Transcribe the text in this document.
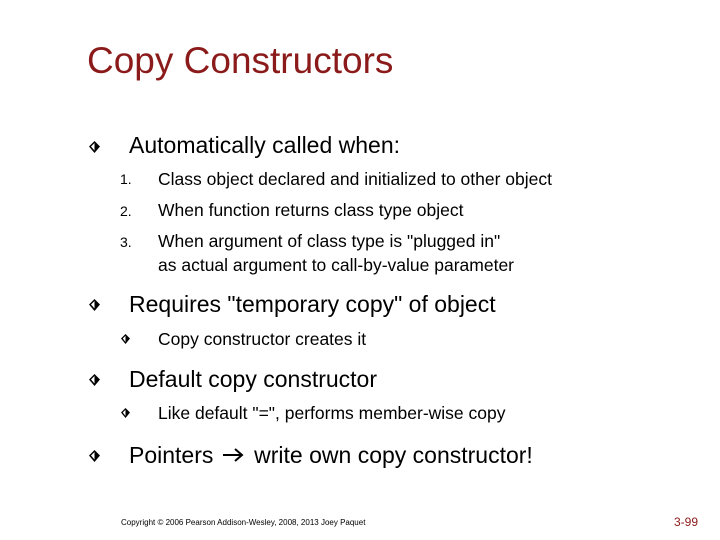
Copy Constructors
Automatically called when:
1. Class object declared and initialized to other object
2. When function returns class type object
3. When argument of class type is "plugged in"
as actual argument to call-by-value parameter
Requires "temporary copy" of object
Copy constructor creates it
Default copy constructor
Like default "=", performs member-wise copy
Pointers write own copy constructor!
Copyright © 2006 Pearson Addison-Wesley, 2008, 2013 Joey Paquet	3-99
